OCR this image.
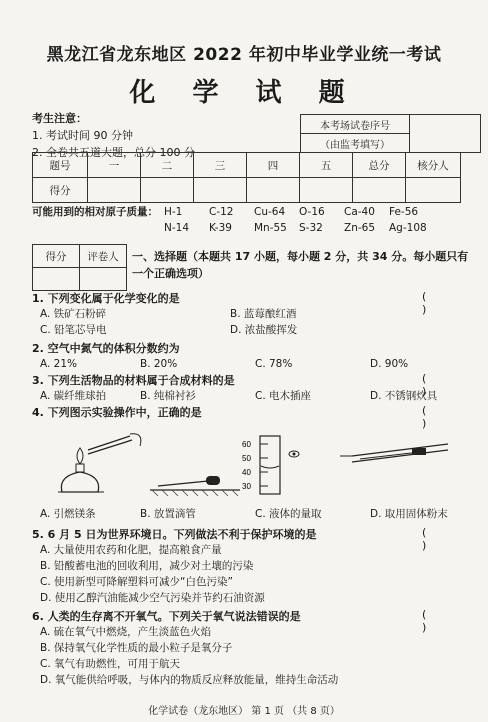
黑龙江省龙东地区 2022 年初中毕业学业统一考试
化 学 试 题
考生注意：
1. 考试时间 90 分钟
2. 全卷共五道大题，总分 100 分
本考场试卷序号	
（由监考填写）
题号	一	二	三	四	五	总分	核分人
得分							
可能用到的相对原子质量： H-1	C-12 Cu-64 O-16 Ca-40 Fe-56
N-14 K-39 Mn-55 S-32 Zn-65 Ag-108
得分	评卷人
	一、选择题（本题共 17 小题，每小题 2 分，共 34 分。每小题只有一个正确选项）
1. 下列变化属于化学变化的是	( )
A. 铁矿石粉碎	B. 蓝莓酿红酒
C. 铅笔芯导电	D. 浓盐酸挥发
2. 空气中氮气的体积分数约为
A. 21%	B. 20%	C. 78%	D. 90%
3. 下列生活物品的材料属于合成材料的是	( )
A. 碳纤维球拍	B. 纯棉衬衫	C. 电木插座	D. 不锈钢炊具
4. 下列图示实验操作中，正确的是	( )
60
50
40
30
A. 引燃镁条	B. 放置滴管	C. 液体的量取	D. 取用固体粉末
5. 6 月 5 日为世界环境日。下列做法不利于保护环境的是	( )
A. 大量使用农药和化肥，提高粮食产量
B. 铅酸蓄电池的回收利用，减少对土壤的污染
C. 使用新型可降解塑料可减少“白色污染”
D. 使用乙醇汽油能减少空气污染并节约石油资源
6. 人类的生存离不开氧气。下列关于氧气说法错误的是	( )
A. 硫在氧气中燃烧，产生淡蓝色火焰
B. 保持氧气化学性质的最小粒子是氧分子
C. 氧气有助燃性，可用于航天
D. 氧气能供给呼吸，与体内的物质反应释放能量，维持生命活动
化学试卷（龙东地区） 第 1 页 （共 8 页）
